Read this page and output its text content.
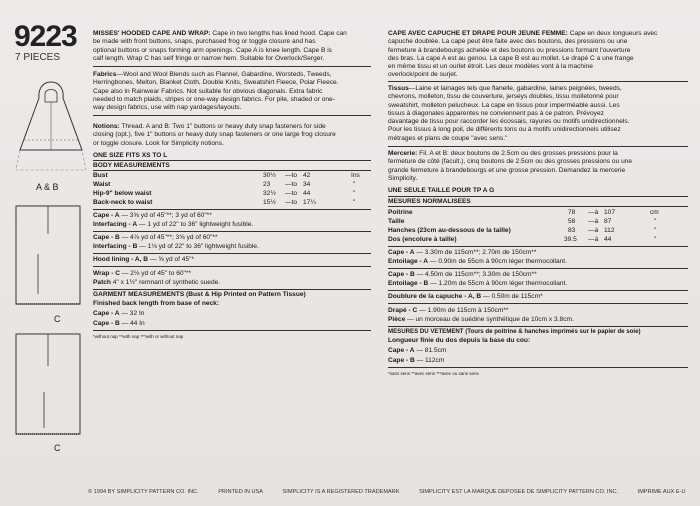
9223
7 PIECES
A & B
C
C

MISSES' HOODED CAPE AND WRAP: Cape in two lengths has lined hood. Cape can

be made with front buttons, snaps, purchased frog or toggle closure and has

optional buttons or snaps forming arm openings. Cape A is knee length. Cape B is

calf length. Wrap C has self fringe or narrow hem. Suitable for Overlock/Serger.

Fabrics—Wool and Wool Blends such as Flannel, Gabardine, Worsteds, Tweeds,

Herringbones, Melton, Blanket Cloth, Double Knits, Sweatshirt Fleece, Polar Fleece.

Cape also in Rainwear Fabrics. Not suitable for obvious diagonals. Extra fabric

needed to match plaids, stripes or one-way design fabrics. For pile, shaded or one-

way design fabrics, use with nap yardages/layouts.

Notions: Thread. A and B: Two 1" buttons or heavy duty snap fasteners for side

closing (opt.), five 1" buttons or heavy duty snap fasteners or one large frog closure

or toggle closure. Look for Simplicity notions.

ONE SIZE FITS XS TO L

BODY MEASUREMENTS

Bust	30½ —to 42	Ins
Waist	23 —to 34	"
Hip-9" below waist	32½ —to 44	"
Back-neck to waist	15½ —to 17¼	"
Cape - A — 3⅝ yd of 45"**; 3 yd of 60"**
Interfacing - A — 1 yd of 22" to 36" lightweight fusible.
Cape - B — 4⅞ yd of 45"**; 3⅝ yd of 60"**
Interfacing - B — 1⅛ yd of 22" to 36" lightweight fusible.
Hood lining - A, B — ⅝ yd of 45"*
Wrap - C — 2⅛ yd of 45" to 60"**
Patch 4" x 1½" remnant of synthetic suede.
GARMENT MEASUREMENTS (Bust & Hip Printed on Pattern Tissue)
Finished back length from base of neck:
Cape - A — 32 In
Cape - B — 44 In
*without nap **with nap ***with or without nap

CAPE AVEC CAPUCHE ET DRAPE POUR JEUNE FEMME: Cape en deux longueurs avec

capuche doublée. La cape peut être faite avec des boutons, des pressions ou une

fermeture à brandebourgs achetée et des boutons ou pressions formant l'ouverture

des bras. La cape A est au genou. La cape B est au mollet. Le drapé C a une frange

en même tissu et un ourlet étroit. Les deux modèles vont à la machine

overlock/point de surjet.

Tissus—Laine et lainages tels que flanelle, gabardine, laines peignées, tweeds,

chevrons, molleton, tissu de couverture, jerseys doubles, tissu molletonné pour

sweatshirt, molleton pelucheux. La cape en tissus pour imperméable aussi. Les

tissus à diagonales apparentes ne conviennent pas à ce patron. Prévoyez

davantage de tissu pour raccorder les écossais, rayures ou motifs unidirectionnels.

Pour les tissus à long poil, de différents tons ou à motifs unidirectionnels utilisez

métrages et plans de coupe "avec sens."

Mercerie: Fil. A et B: deux boutons de 2.5cm ou des grosses pressions pour la

fermeture de côté (facult.), cinq boutons de 2.5cm ou des grosses pressions ou une

grande fermeture à brandebourgs et une grosse pression. Demandez la mercerie

Simplicity.

UNE SEULE TAILLE POUR TP A G

MESURES NORMALISEES

Poitrine	78 —à 107	cm
Taille	58 —à 87	"
Hanches (23cm au-dessous de la taille)	83 —à 112	"
Dos (encolure à taille)	39.5 —à 44	"
Cape - A — 3.30m de 115cm**; 2.70m de 150cm**
Entoilage - A — 0.90m de 55cm à 90cm léger thermocollant.
Cape - B — 4.50m de 115cm**; 3.30m de 150cm**
Entoilage - B — 1.20m de 55cm à 90cm léger thermocollant.
Doublure de la capuche - A, B — 0.50m de 115cm*
Drapé - C — 1.90m de 115cm à 150cm**
Pièce — un morceau de suédine synthétique de 10cm x 3.8cm.
MESURES DU VETEMENT (Tours de poitrine & hanches imprimés sur le papier de soie)
Longueur finie du dos depuis la base du cou:
Cape - A — 81.5cm
Cape - B — 112cm
*sans sens **avec sens ***avec ou sans sens
© 1994 BY SIMPLICITY PATTERN CO. INC.	PRINTED IN USA	SIMPLICITY IS A REGISTERED TRADEMARK	SIMPLICITY EST LA MARQUE DEPOSEE DE SIMPLICITY PATTERN CO. INC.	IMPRIME AUX E-U
